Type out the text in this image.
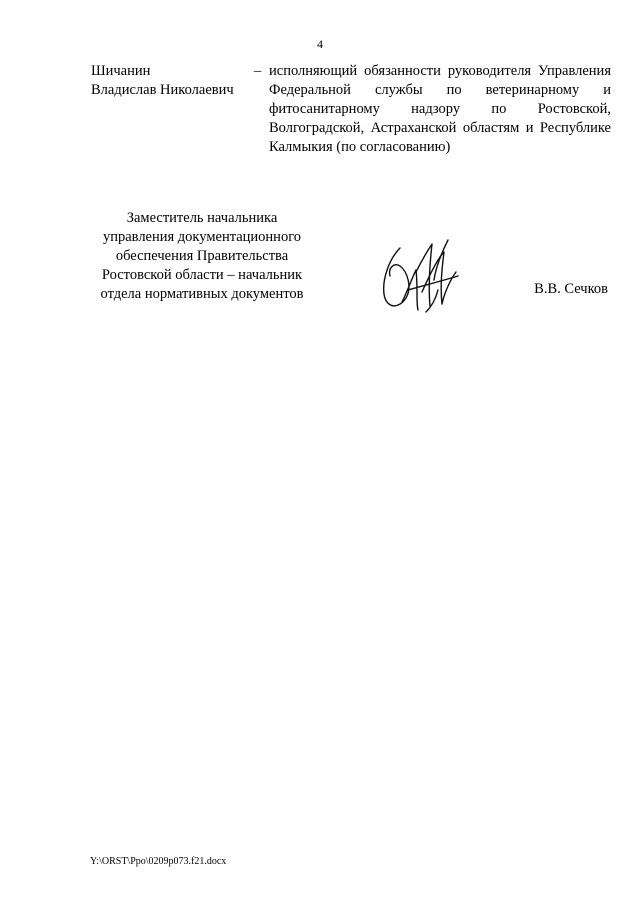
4
Шичанин
Владислав Николаевич
– исполняющий обязанности руководителя Управления Федеральной службы по ветеринарному и фитосанитарному надзору по Ростовской, Волгоградской, Астраханской областям и Республике Калмыкия (по согласованию)
Заместитель начальника
управления документационного
обеспечения Правительства
Ростовской области – начальник
отдела нормативных документов	В.В. Сечков
Y:\ORST\Ppo\0209p073.f21.docx
